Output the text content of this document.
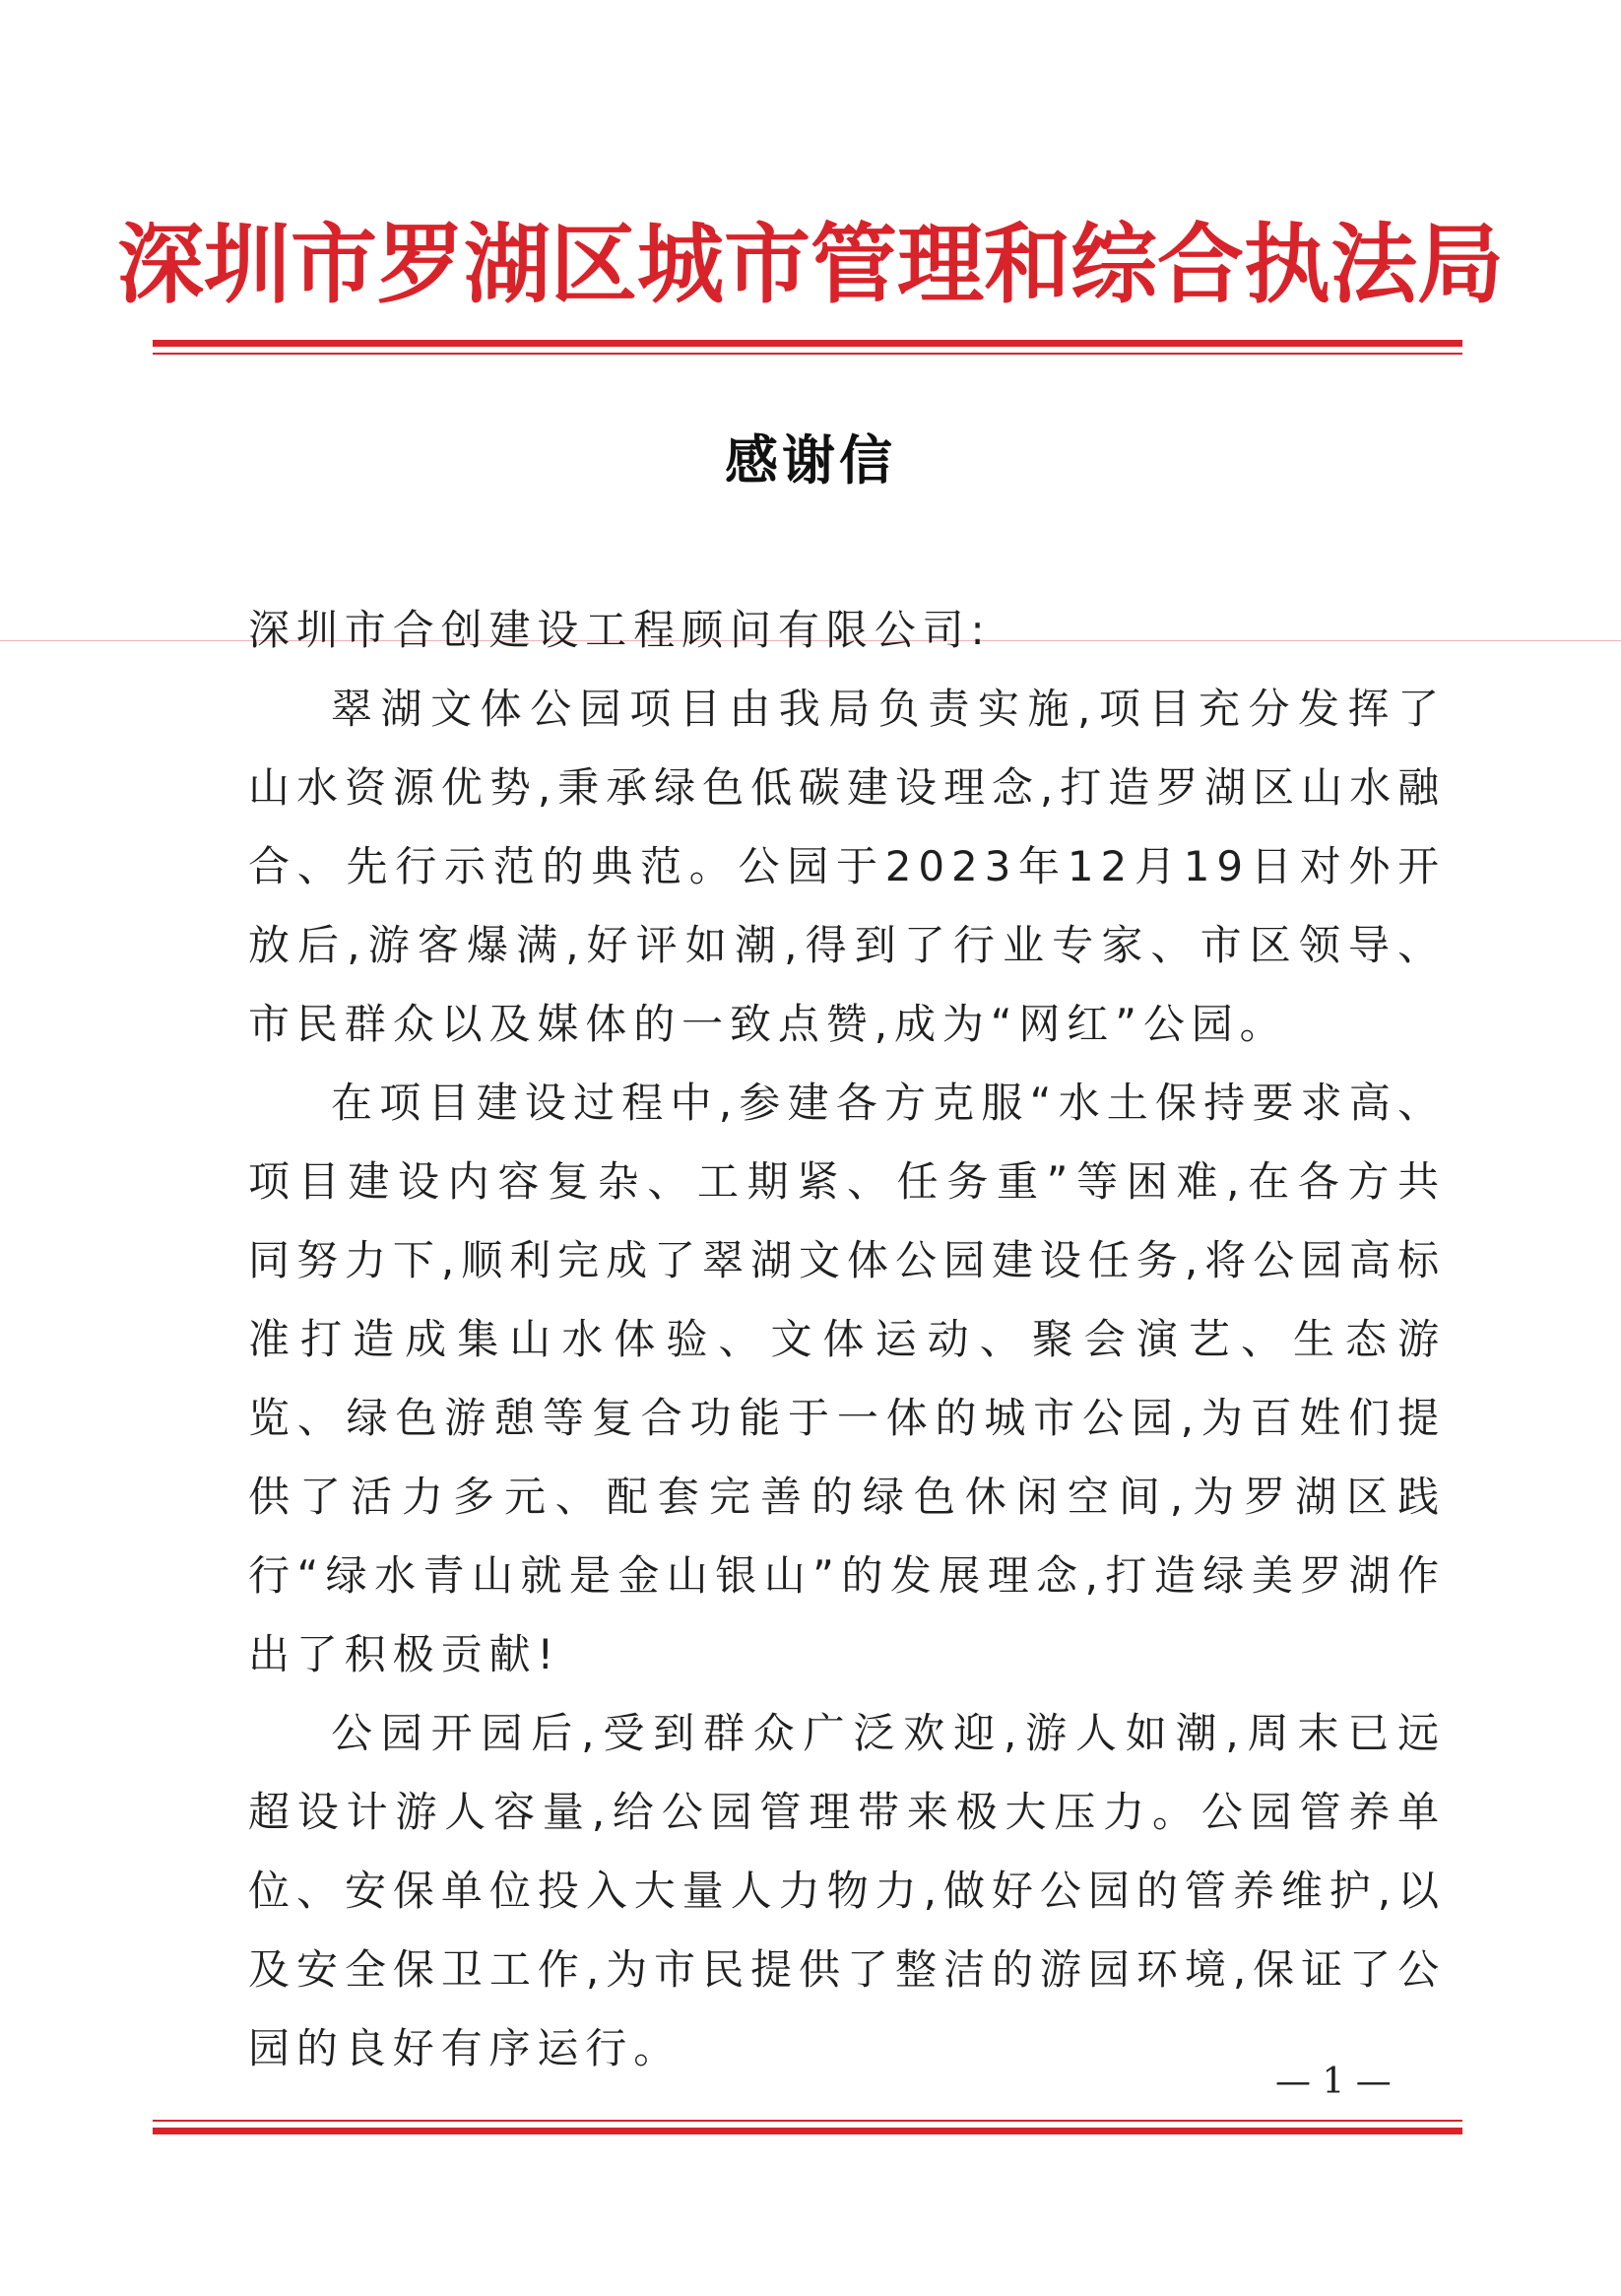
深圳市罗湖区城市管理和综合执法局
感谢信

深圳市合创建设工程顾问有限公司:

翠湖文体公园项目由我局负责实施,项目充分发挥了山水资源优势,秉承绿色低碳建设理念,打造罗湖区山水融合、先行示范的典范。公园于2023年12月19日对外开放后,游客爆满,好评如潮,得到了行业专家、市区领导、市民群众以及媒体的一致点赞,成为“网红”公园。

在项目建设过程中,参建各方克服“水土保持要求高、项目建设内容复杂、工期紧、任务重”等困难,在各方共同努力下,顺利完成了翠湖文体公园建设任务,将公园高标准打造成集山水体验、文体运动、聚会演艺、生态游览、绿色游憩等复合功能于一体的城市公园,为百姓们提供了活力多元、配套完善的绿色休闲空间,为罗湖区践行“绿水青山就是金山银山”的发展理念,打造绿美罗湖作出了积极贡献!

公园开园后,受到群众广泛欢迎,游人如潮,周末已远超设计游人容量,给公园管理带来极大压力。公园管养单位、安保单位投入大量人力物力,做好公园的管养维护,以及安全保卫工作,为市民提供了整洁的游园环境,保证了公园的良好有序运行。

— 1 —
